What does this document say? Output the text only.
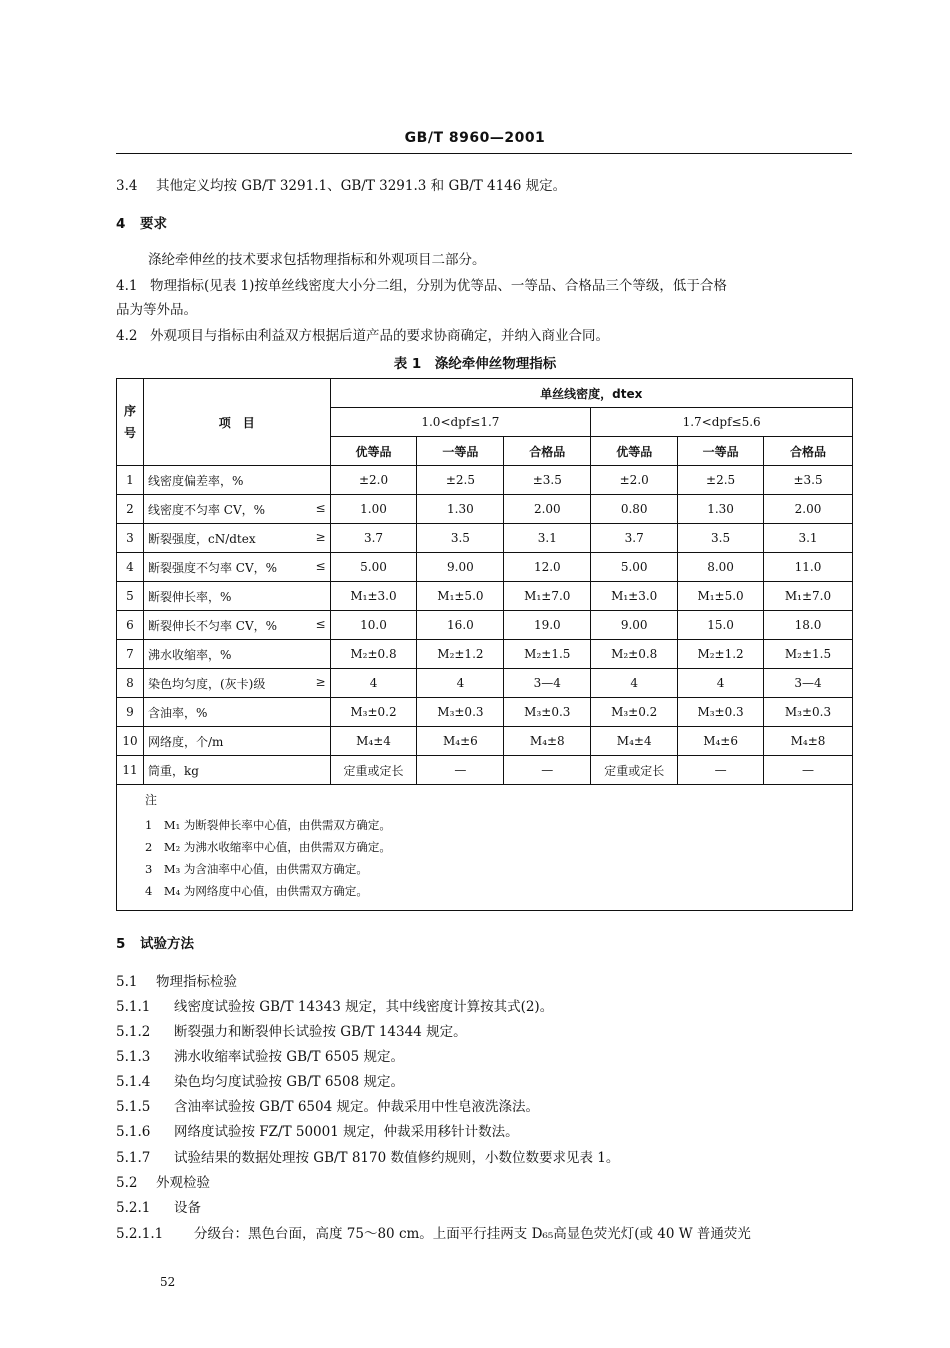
GB/T 8960—2001
3.4 其他定义均按 GB/T 3291.1、GB/T 3291.3 和 GB/T 4146 规定。
4 要求
涤纶牵伸丝的技术要求包括物理指标和外观项目二部分。
4.1 物理指标(见表 1)按单丝线密度大小分二组，分别为优等品、一等品、合格品三个等级，低于合格
品为等外品。
4.2 外观项目与指标由利益双方根据后道产品的要求协商确定，并纳入商业合同。
表 1　涤纶牵伸丝物理指标
序号	项　目	单丝线密度，dtex					
		1.0<dpf≤1.7			1.7<dpf≤5.6		
		优等品	一等品	合格品	优等品	一等品	合格品
1	线密度偏差率，%	±2.0	±2.5	±3.5	±2.0	±2.5	±3.5
2	线密度不匀率 CV，% ≤	1.00	1.30	2.00	0.80	1.30	2.00
3	断裂强度，cN/dtex ≥	3.7	3.5	3.1	3.7	3.5	3.1
4	断裂强度不匀率 CV，% ≤	5.00	9.00	12.0	5.00	8.00	11.0
5	断裂伸长率，%	M₁±3.0	M₁±5.0	M₁±7.0	M₁±3.0	M₁±5.0	M₁±7.0
6	断裂伸长不匀率 CV，% ≤	10.0	16.0	19.0	9.00	15.0	18.0
7	沸水收缩率，%	M₂±0.8	M₂±1.2	M₂±1.5	M₂±0.8	M₂±1.2	M₂±1.5
8	染色均匀度，(灰卡)级 ≥	4	4	3—4	4	4	3—4
9	含油率，%	M₃±0.2	M₃±0.3	M₃±0.3	M₃±0.2	M₃±0.3	M₃±0.3
10	网络度，个/m	M₄±4	M₄±6	M₄±8	M₄±4	M₄±6	M₄±8
11	筒重，kg	定重或定长	—	—	定重或定长	—	—

注
1　M₁ 为断裂伸长率中心值，由供需双方确定。
2　M₂ 为沸水收缩率中心值，由供需双方确定。
3　M₃ 为含油率中心值，由供需双方确定。
4　M₄ 为网络度中心值，由供需双方确定。							
5 试验方法
5.1 物理指标检验
5.1.1 线密度试验按 GB/T 14343 规定，其中线密度计算按其式(2)。
5.1.2 断裂强力和断裂伸长试验按 GB/T 14344 规定。
5.1.3 沸水收缩率试验按 GB/T 6505 规定。
5.1.4 染色均匀度试验按 GB/T 6508 规定。
5.1.5 含油率试验按 GB/T 6504 规定。仲裁采用中性皂液洗涤法。
5.1.6 网络度试验按 FZ/T 50001 规定，仲裁采用移针计数法。
5.1.7 试验结果的数据处理按 GB/T 8170 数值修约规则，小数位数要求见表 1。
5.2 外观检验
5.2.1 设备
5.2.1.1 分级台：黑色台面，高度 75～80 cm。上面平行挂两支 D₆₅高显色荧光灯(或 40 W 普通荧光
52
